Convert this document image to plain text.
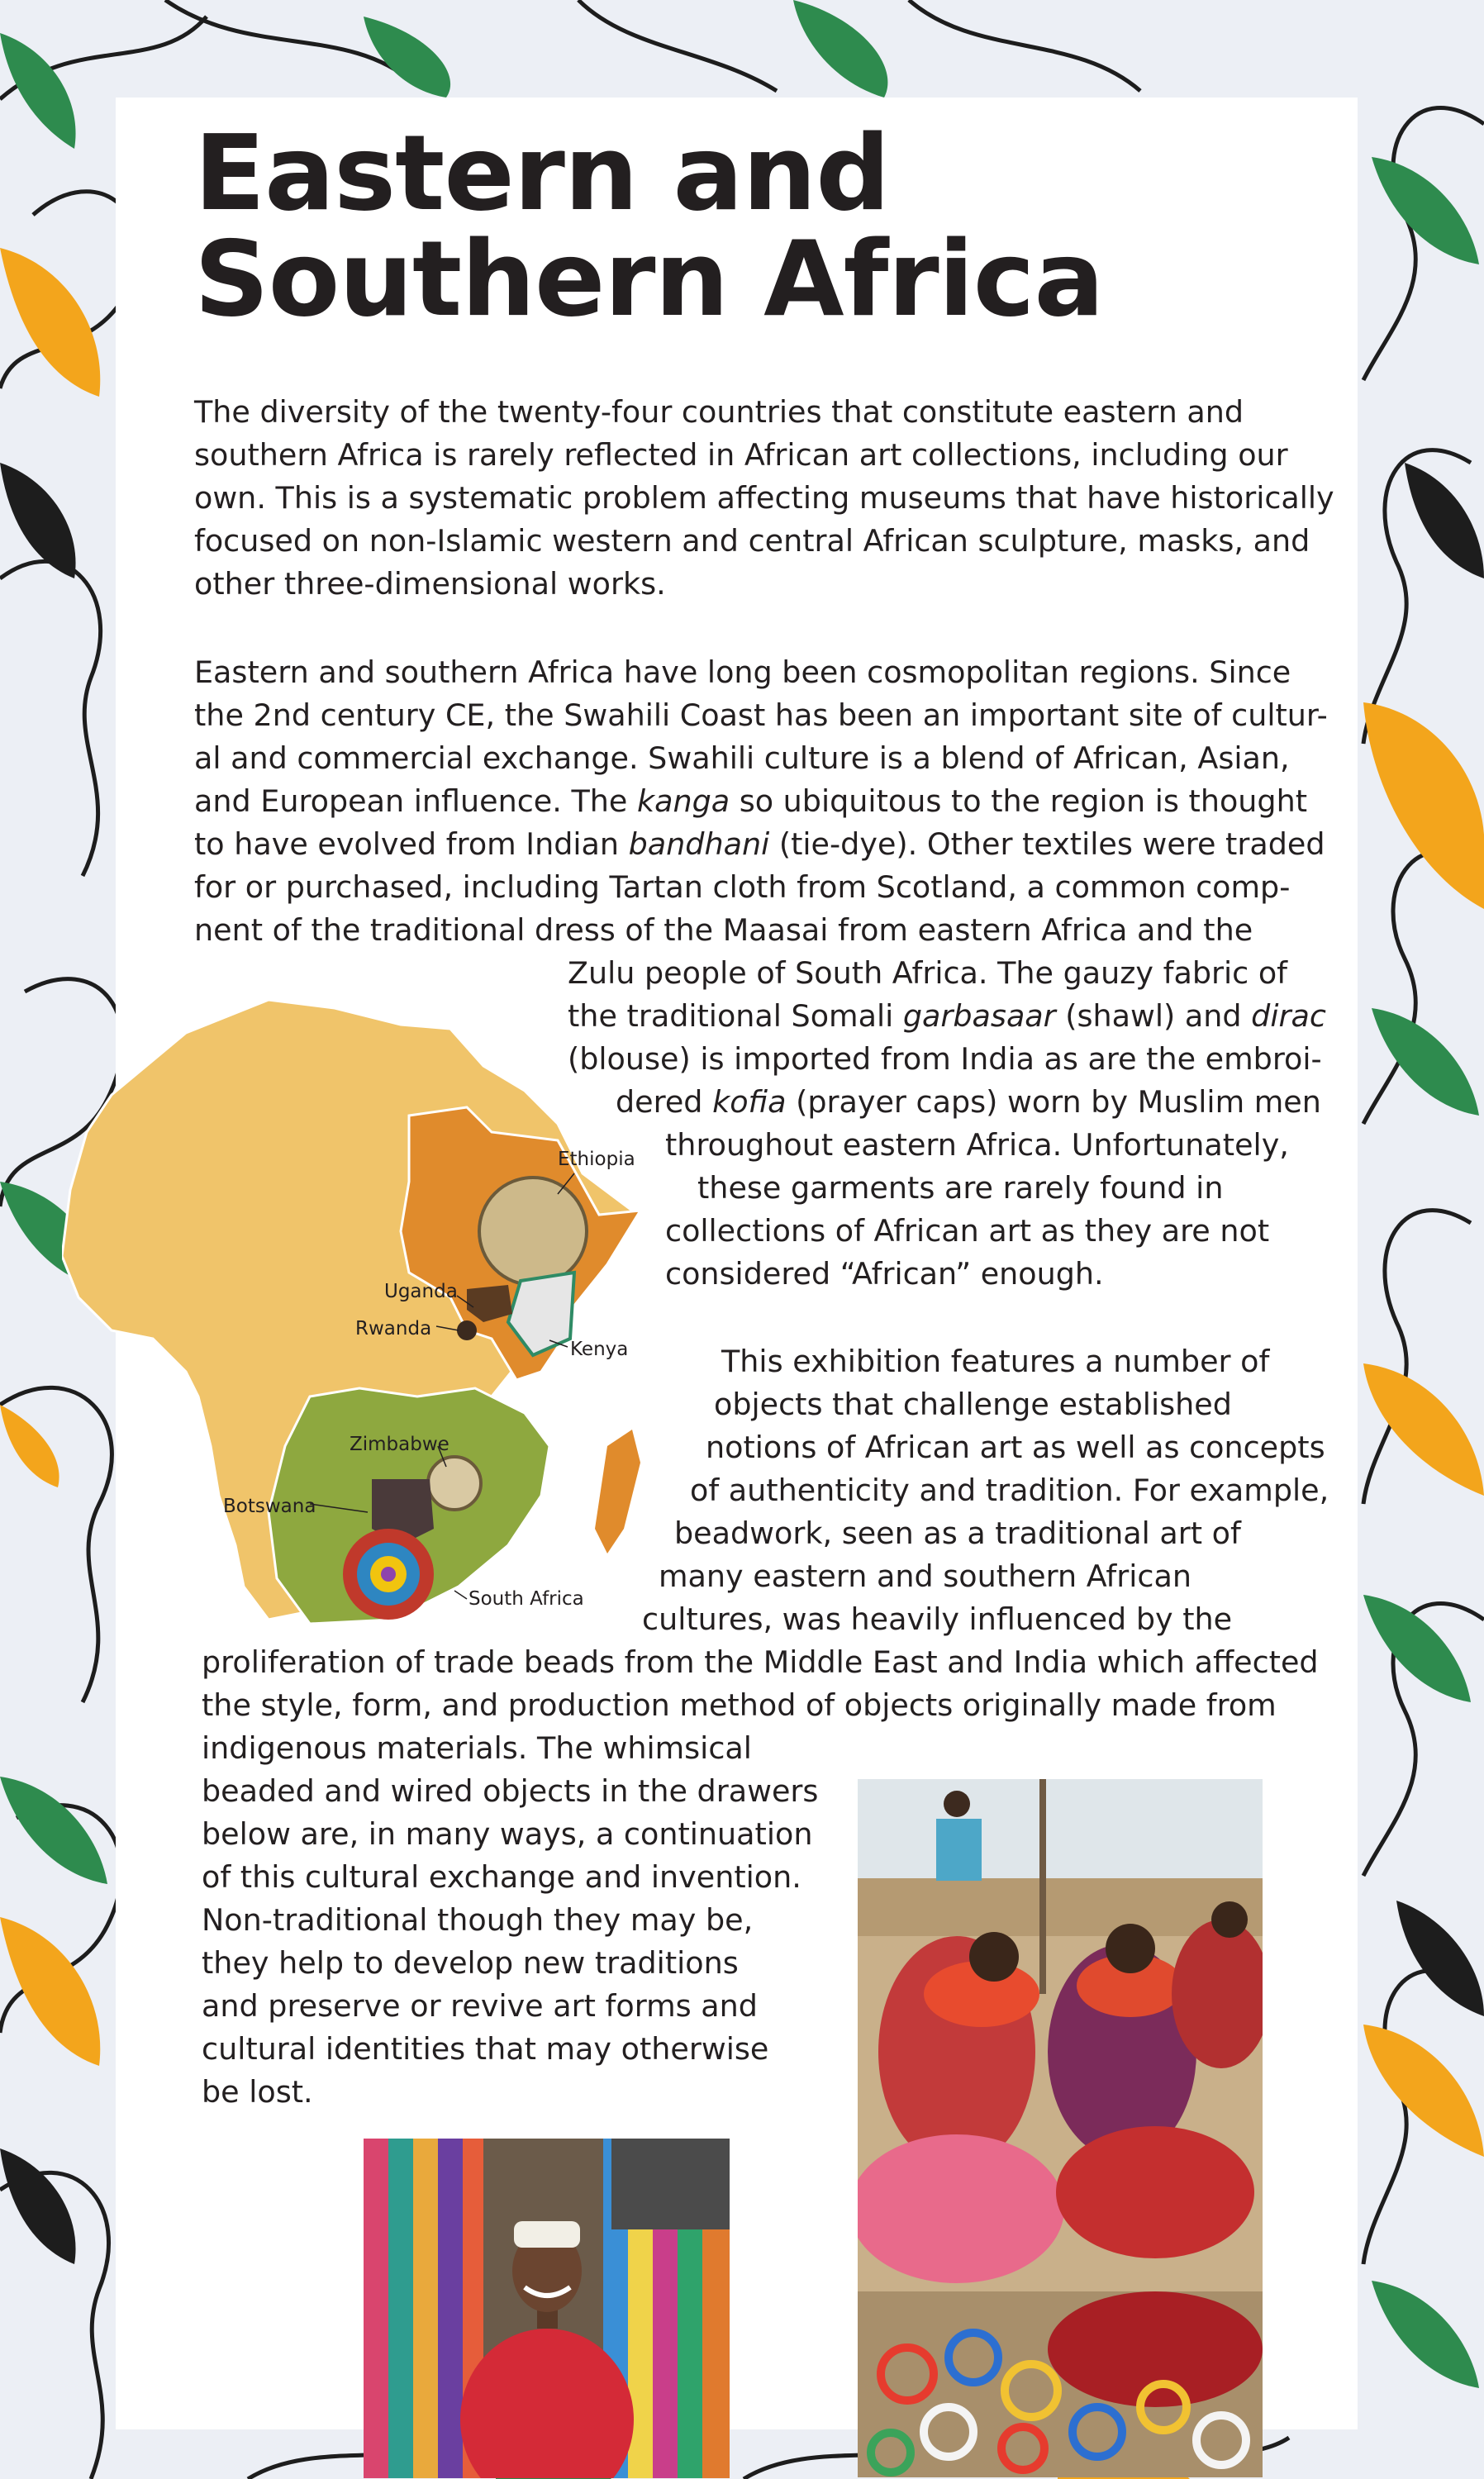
Eastern and
Southern Africa
The diversity of the twenty-four countries that constitute eastern and
southern Africa is rarely reflected in African art collections, including our
own. This is a systematic problem affecting museums that have historically
focused on non-Islamic western and central African sculpture, masks, and
other three-dimensional works.
Eastern and southern Africa have long been cosmopolitan regions. Since
the 2nd century CE, the Swahili Coast has been an important site of cultur-
al and commercial exchange. Swahili culture is a blend of African, Asian,
and European influence. The kanga so ubiquitous to the region is thought
to have evolved from Indian bandhani (tie-dye). Other textiles were traded
for or purchased, including Tartan cloth from Scotland, a common comp-
nent of the traditional dress of the Maasai from eastern Africa and the
Zulu people of South Africa. The gauzy fabric of
the traditional Somali garbasaar (shawl) and dirac
(blouse) is imported from India as are the embroi-
dered kofia (prayer caps) worn by Muslim men
throughout eastern Africa. Unfortunately,
these garments are rarely found in
collections of African art as they are not
considered “African” enough.
This exhibition features a number of
objects that challenge established
notions of African art as well as concepts
of authenticity and tradition. For example,
beadwork, seen as a traditional art of
many eastern and southern African
cultures, was heavily influenced by the
proliferation of trade beads from the Middle East and India which affected
the style, form, and production method of objects originally made from
indigenous materials. The whimsical
beaded and wired objects in the drawers
below are, in many ways, a continuation
of this cultural exchange and invention.
Non-traditional though they may be,
they help to develop new traditions
and preserve or revive art forms and
cultural identities that may otherwise
be lost.
Ethiopia
Uganda
Rwanda
Kenya
Zimbabwe
Botswana
South Africa
